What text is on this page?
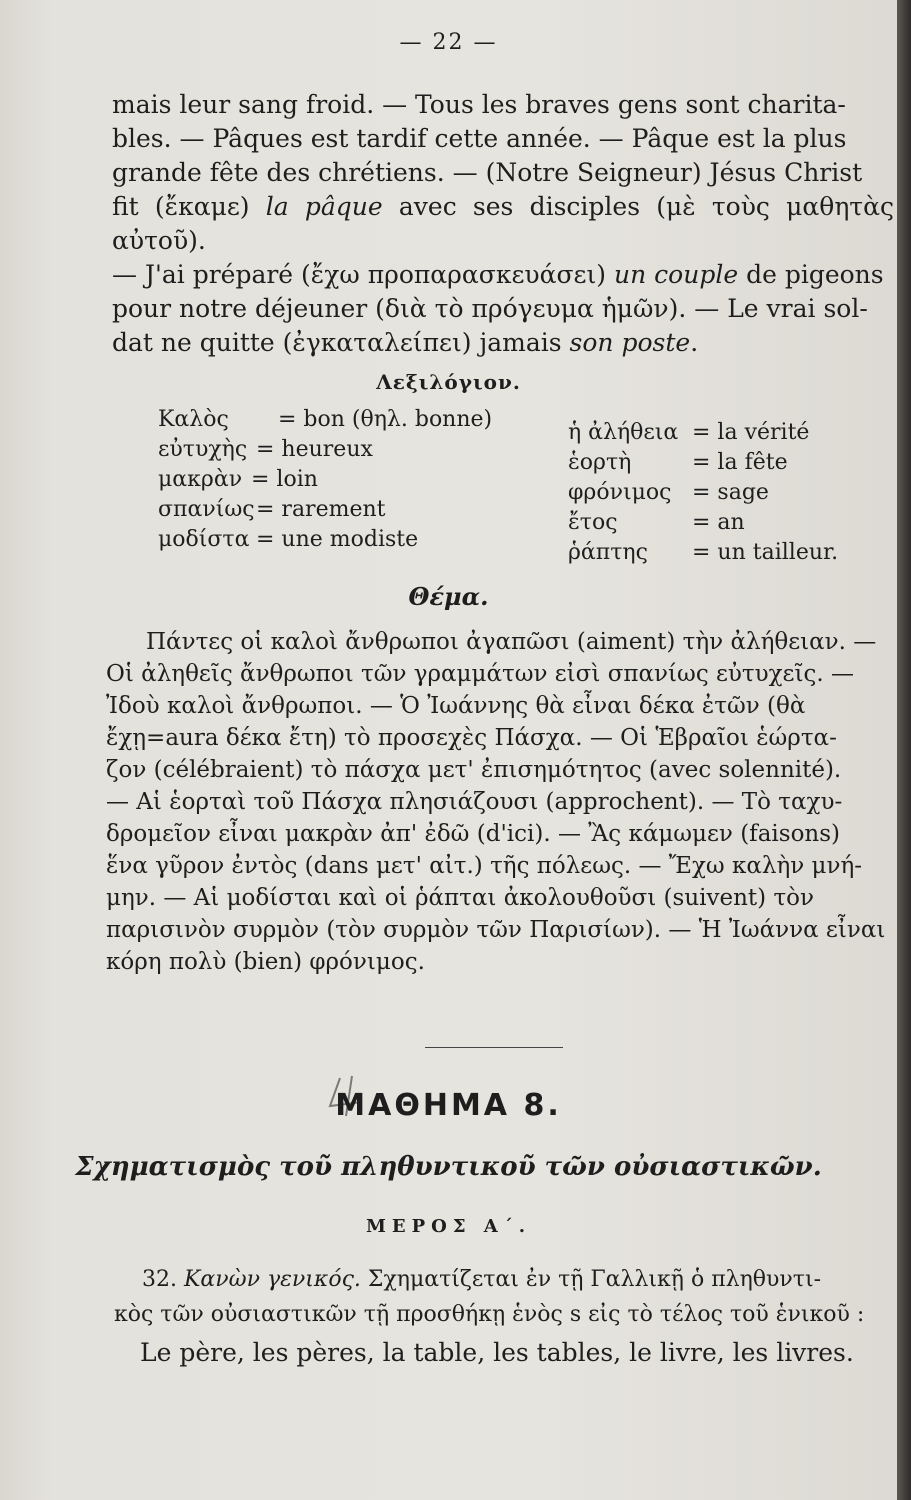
— 22 —

mais leur sang froid. — Tous les braves gens sont charita-

bles. — Pâques est tardif cette année. — Pâque est la plus

grande fête des chrétiens. — (Notre Seigneur) Jésus Christ

fit (ἔκαμε) la pâque avec ses disciples (μὲ τοὺς μαθητὰς αὐτοῦ).

— J'ai préparé (ἔχω προπαρασκευάσει) un couple de pigeons

pour notre déjeuner (διὰ τὸ πρόγευμα ἡμῶν). — Le vrai sol-

dat ne quitte (ἐγκαταλείπει) jamais son poste.

Λεξιλόγιον.
Καλὸς	= bon (θηλ. bonne)
εὐτυχὴς = heureux
μακρὰν = loin
σπανίως = rarement
μοδίστα = une modiste
ἡ ἀλήθεια = la vérité
ἑορτὴ	= la fête
φρόνιμος = sage
ἔτος	= an
ῥάπτης	= un tailleur.
Θέμα.

Πάντες οἱ καλοὶ ἄνθρωποι ἀγαπῶσι (aiment) τὴν ἀλήθειαν. —

Οἱ ἀληθεῖς ἄνθρωποι τῶν γραμμάτων εἰσὶ σπανίως εὐτυχεῖς. —

Ἰδοὺ καλοὶ ἄνθρωποι. — Ὁ Ἰωάννης θὰ εἶναι δέκα ἐτῶν (θὰ

ἔχῃ=aura δέκα ἔτη) τὸ προσεχὲς Πάσχα. — Οἱ Ἑβραῖοι ἑώρτα-

ζον (célébraient) τὸ πάσχα μετ' ἐπισημότητος (avec solennité).

— Αἱ ἑορταὶ τοῦ Πάσχα πλησιάζουσι (approchent). — Τὸ ταχυ-

δρομεῖον εἶναι μακρὰν ἀπ' ἐδῶ (d'ici). — Ἂς κάμωμεν (faisons)

ἕνα γῦρον ἐντὸς (dans μετ' αἰτ.) τῆς πόλεως. — Ἔχω καλὴν μνή-

μην. — Αἱ μοδίσται καὶ οἱ ῥάπται ἀκολουθοῦσι (suivent) τὸν

παρισινὸν συρμὸν (τὸν συρμὸν τῶν Παρισίων). — Ἡ Ἰωάννα εἶναι

κόρη πολὺ (bien) φρόνιμος.

ΜΑΘΗΜΑ 8.
Σχηματισμὸς τοῦ πληθυντικοῦ τῶν οὐσιαστικῶν.
ΜΕΡΟΣ Α΄.

32. Κανὼν γενικός. Σχηματίζεται ἐν τῇ Γαλλικῇ ὁ πληθυντι-

κὸς τῶν οὐσιαστικῶν τῇ προσθήκῃ ἑνὸς s εἰς τὸ τέλος τοῦ ἑνικοῦ :

Le père, les pères, la table, les tables, le livre, les livres.
